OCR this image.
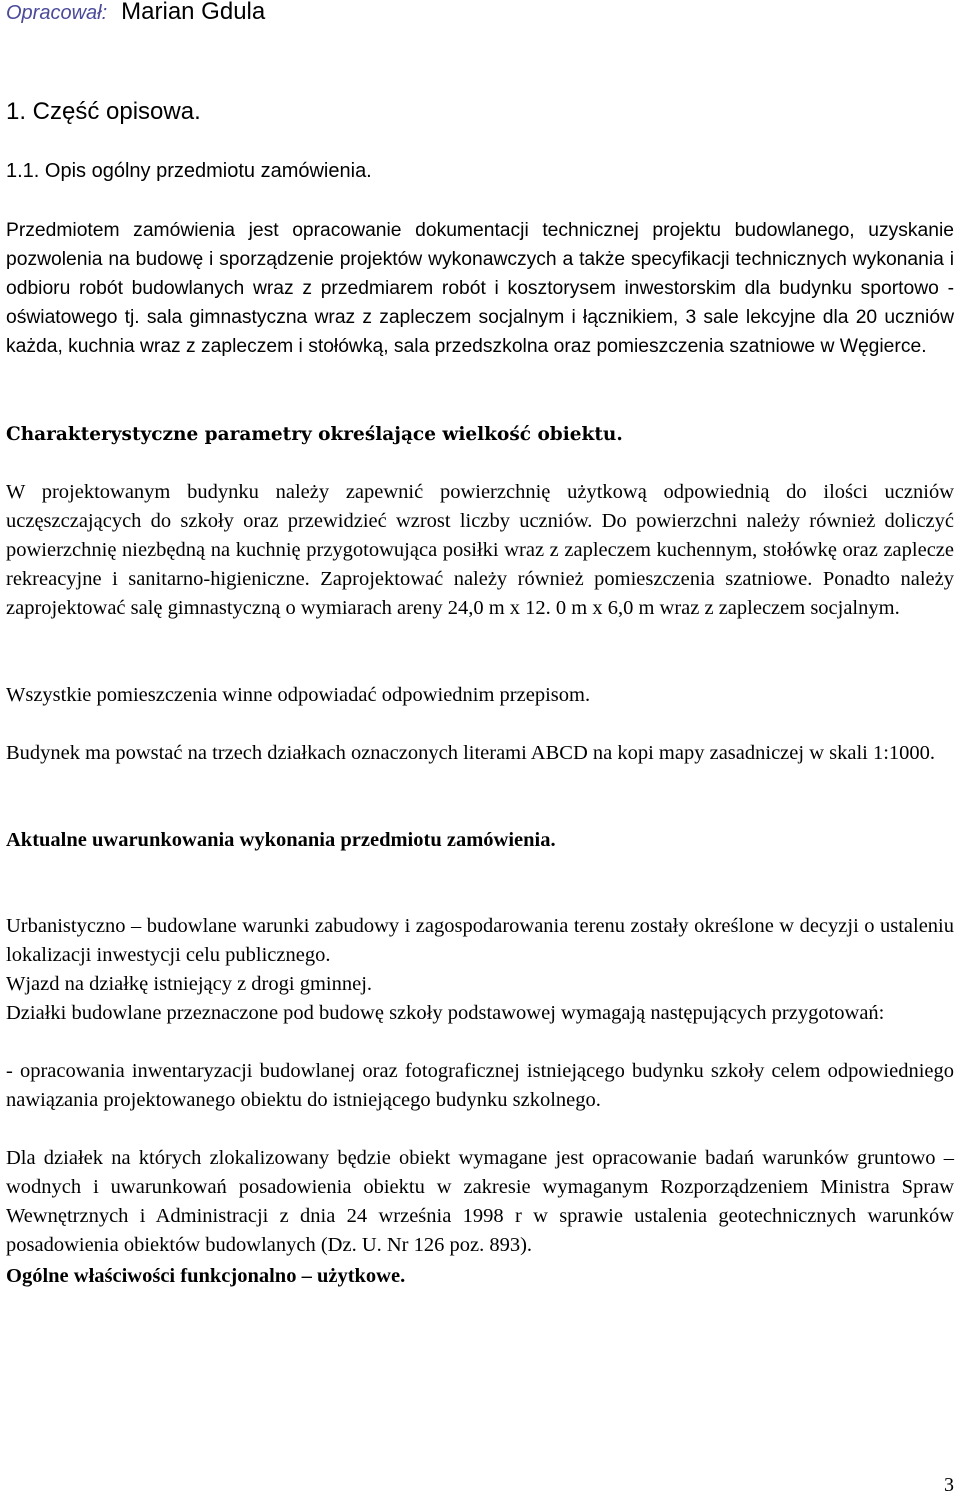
Opracował: Marian Gdula
1. Część opisowa.
1.1. Opis ogólny przedmiotu zamówienia.

Przedmiotem zamówienia jest opracowanie dokumentacji technicznej projektu budowlanego, uzyskanie pozwolenia na budowę i sporządzenie projektów wykonawczych a także specyfikacji technicznych wykonania i odbioru robót budowlanych wraz z przedmiarem robót i kosztorysem inwestorskim dla budynku sportowo - oświatowego tj. sala gimnastyczna wraz z zapleczem socjalnym i łącznikiem, 3 sale lekcyjne dla 20 uczniów każda, kuchnia wraz z zapleczem i stołówką, sala przedszkolna oraz pomieszczenia szatniowe w Węgierce.

Charakterystyczne parametry określające wielkość obiektu.

W projektowanym budynku należy zapewnić powierzchnię użytkową odpowiednią do ilości uczniów uczęszczających do szkoły oraz przewidzieć wzrost liczby uczniów. Do powierzchni należy również doliczyć powierzchnię niezbędną na kuchnię przygotowująca posiłki wraz z zapleczem kuchennym, stołówkę oraz zaplecze rekreacyjne i sanitarno-higieniczne. Zaprojektować należy również pomieszczenia szatniowe. Ponadto należy zaprojektować salę gimnastyczną o wymiarach areny 24,0 m x 12. 0 m x 6,0 m wraz z zapleczem socjalnym.

Wszystkie pomieszczenia winne odpowiadać odpowiednim przepisom.

Budynek ma powstać na trzech działkach oznaczonych literami ABCD na kopi mapy zasadniczej w skali 1:1000.

Aktualne uwarunkowania wykonania przedmiotu zamówienia.

Urbanistyczno – budowlane warunki zabudowy i zagospodarowania terenu zostały określone w decyzji o ustaleniu lokalizacji inwestycji celu publicznego.

Wjazd na działkę istniejący z drogi gminnej.

Działki budowlane przeznaczone pod budowę szkoły podstawowej wymagają następujących przygotowań:

- opracowania inwentaryzacji budowlanej oraz fotograficznej istniejącego budynku szkoły celem odpowiedniego nawiązania projektowanego obiektu do istniejącego budynku szkolnego.

Dla działek na których zlokalizowany będzie obiekt wymagane jest opracowanie badań warunków gruntowo – wodnych i uwarunkowań posadowienia obiektu w zakresie wymaganym Rozporządzeniem Ministra Spraw Wewnętrznych i Administracji z dnia 24 września 1998 r w sprawie ustalenia geotechnicznych warunków posadowienia obiektów budowlanych (Dz. U. Nr 126 poz. 893).

Ogólne właściwości funkcjonalno – użytkowe.

3
